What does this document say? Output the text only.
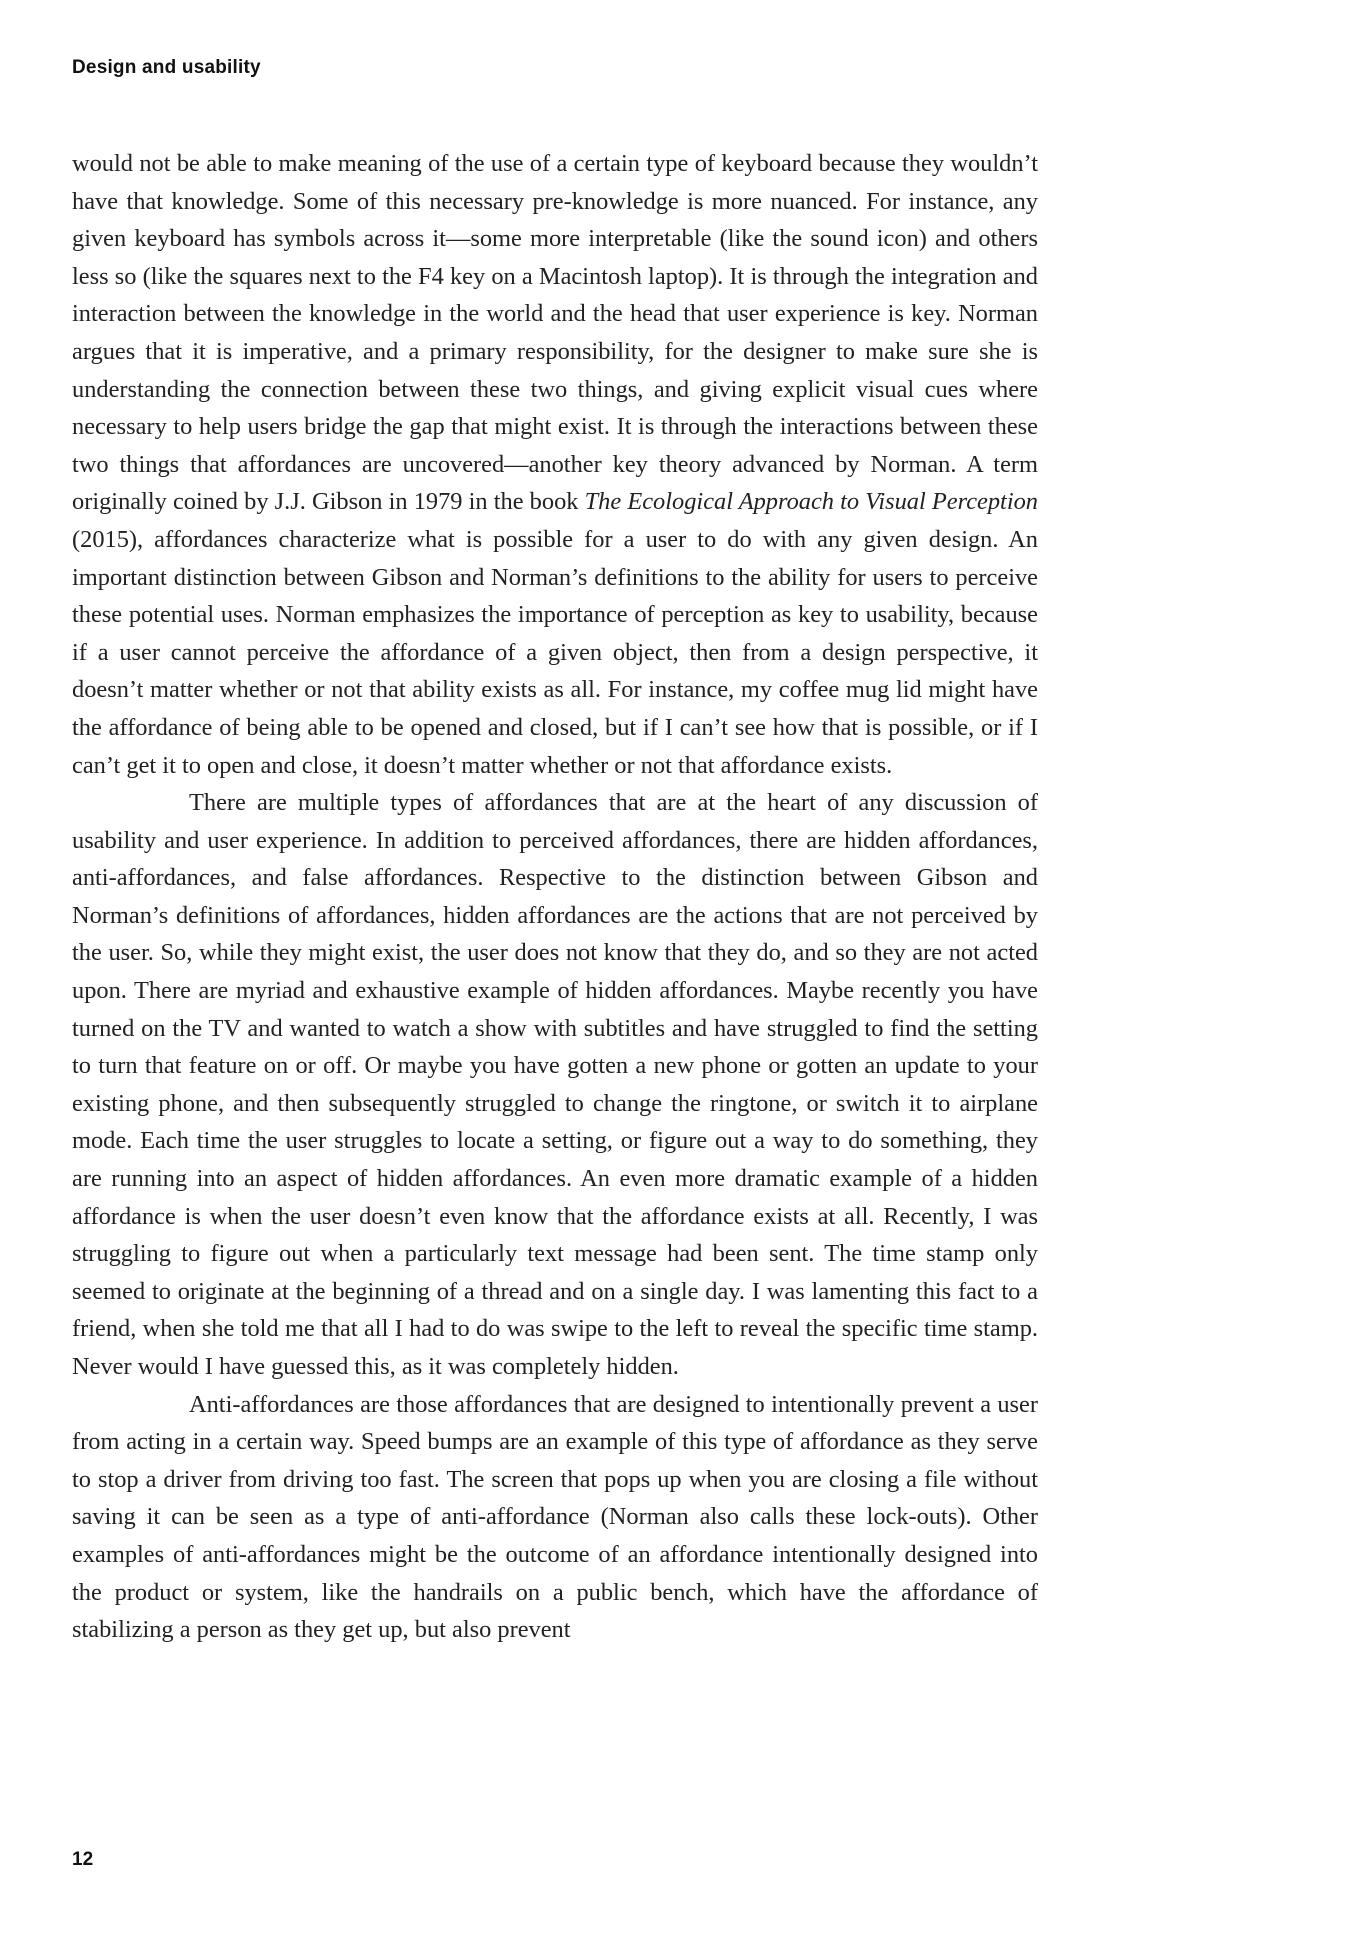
Design and usability

would not be able to make meaning of the use of a certain type of keyboard because they wouldn’t have that knowledge. Some of this necessary pre-knowledge is more nuanced. For instance, any given keyboard has symbols across it—some more interpretable (like the sound icon) and others less so (like the squares next to the F4 key on a Macintosh laptop). It is through the integration and interaction between the knowledge in the world and the head that user experience is key. Norman argues that it is imperative, and a primary responsibility, for the designer to make sure she is understanding the connection between these two things, and giving explicit visual cues where necessary to help users bridge the gap that might exist. It is through the interactions between these two things that affordances are uncovered—another key theory advanced by Norman. A term originally coined by J.J. Gibson in 1979 in the book The Ecological Approach to Visual Perception (2015), affordances characterize what is possible for a user to do with any given design. An important distinction between Gibson and Norman’s definitions to the ability for users to perceive these potential uses. Norman emphasizes the importance of perception as key to usability, because if a user cannot perceive the affordance of a given object, then from a design perspective, it doesn’t matter whether or not that ability exists as all. For instance, my coffee mug lid might have the affordance of being able to be opened and closed, but if I can’t see how that is possible, or if I can’t get it to open and close, it doesn’t matter whether or not that affordance exists.

There are multiple types of affordances that are at the heart of any discussion of usability and user experience. In addition to perceived affordances, there are hidden affordances, anti-affordances, and false affordances. Respective to the distinction between Gibson and Norman’s definitions of affordances, hidden affordances are the actions that are not perceived by the user. So, while they might exist, the user does not know that they do, and so they are not acted upon. There are myriad and exhaustive example of hidden affordances. Maybe recently you have turned on the TV and wanted to watch a show with subtitles and have struggled to find the setting to turn that feature on or off. Or maybe you have gotten a new phone or gotten an update to your existing phone, and then subsequently struggled to change the ringtone, or switch it to airplane mode. Each time the user struggles to locate a setting, or figure out a way to do something, they are running into an aspect of hidden affordances. An even more dramatic example of a hidden affordance is when the user doesn’t even know that the affordance exists at all. Recently, I was struggling to figure out when a particularly text message had been sent. The time stamp only seemed to originate at the beginning of a thread and on a single day. I was lamenting this fact to a friend, when she told me that all I had to do was swipe to the left to reveal the specific time stamp. Never would I have guessed this, as it was completely hidden.

Anti-affordances are those affordances that are designed to intentionally prevent a user from acting in a certain way. Speed bumps are an example of this type of affordance as they serve to stop a driver from driving too fast. The screen that pops up when you are closing a file without saving it can be seen as a type of anti-affordance (Norman also calls these lock-outs). Other examples of anti-affordances might be the outcome of an affordance intentionally designed into the product or system, like the handrails on a public bench, which have the affordance of stabilizing a person as they get up, but also prevent

12
